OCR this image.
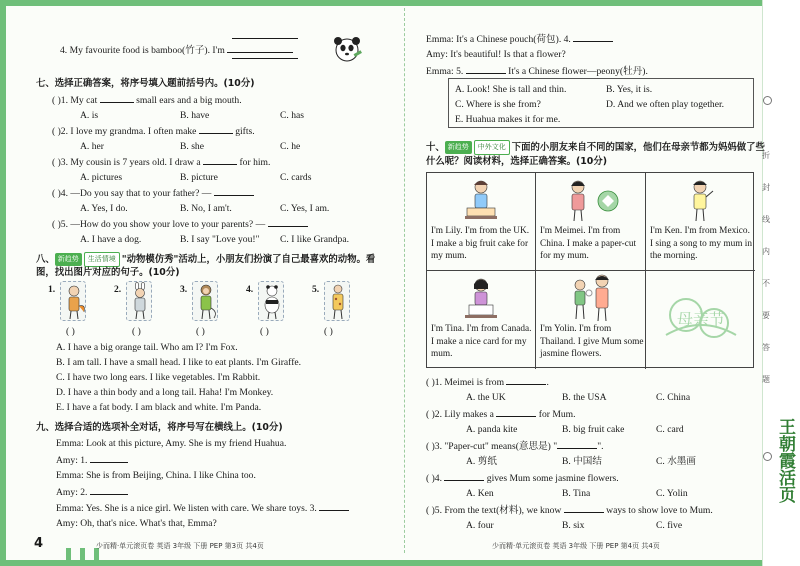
4. My favourite food is bamboo(竹子). I'm
七、选择正确答案，将序号填入题前括号内。(10分)
( )1. My cat	small ears and a big mouth.
A. is	B. have	C. has
( )2. I love my grandma. I often make	gifts.
A. her	B. she	C. he
( )3. My cousin is 7 years old. I draw a	for him.
A. pictures	B. picture	C. cards
( )4. —Do you say that to your father? —
A. Yes, I do.	B. No, I am't.	C. Yes, I am.
( )5. —How do you show your love to your parents? —
A. I have a dog.	B. I say "Love you!" C. I like Grandpa.
八、 新趋势 生活情境 "动物模仿秀"活动上，小朋友们扮演了自己最喜欢的动物。看
图，找出图片对应的句子。(10分)
1.	2.	3.	4.	5.
( )	( )	( )	( )	( )
A. I have a big orange tail. Who am I? I'm Fox.
B. I am tall. I have a small head. I like to eat plants. I'm Giraffe.
C. I have two long ears. I like vegetables. I'm Rabbit.
D. I have a thin body and a long tail. Haha! I'm Monkey.
E. I have a fat body. I am black and white. I'm Panda.
九、选择合适的选项补全对话，将序号写在横线上。(10分)
Emma: Look at this picture, Amy. She is my friend Huahua.
Amy: 1.
Emma: She is from Beijing, China. I like China too.
Amy: 2.
Emma: Yes. She is a nice girl. We listen with care. We share toys. 3.
Amy: Oh, that's nice. What's that, Emma?
4	少而精·单元滚页卷 英语 3年级 下册 PEP 第3页 共4页
Emma: It's a Chinese pouch(荷包). 4.
Amy: It's beautiful! Is that a flower?
Emma: 5.	It's a Chinese flower—peony(牡丹).
A. Look! She is tall and thin.	B. Yes, it is.
C. Where is she from?	D. And we often play together.
E. Huahua makes it for me.
十、 新趋势 中外文化 下面的小朋友来自不同的国家，他们在母亲节都为妈妈做了些
什么呢？阅读材料，选择正确答案。(10分)
I'm Lily. I'm from the UK. I make a big fruit cake for my mum.
I'm Meimei. I'm from China. I make a paper-cut for my mum.
I'm Ken. I'm from Mexico. I sing a song to my mum in the morning.
I'm Tina. I'm from Canada. I make a nice card for my mum.
I'm Yolin. I'm from Thailand. I give Mum some jasmine flowers.
母亲节
( )1. Meimei is from	.
A. the UK	B. the USA	C. China
( )2. Lily makes a	for Mum.
A. panda kite	B. big fruit cake	C. card
( )3. "Paper-cut" means(意思是) "	".
A. 剪纸	B. 中国结	C. 水墨画
( )4.	gives Mum some jasmine flowers.
A. Ken	B. Tina	C. Yolin
( )5. From the text(材料), we know	ways to show love to Mum.
A. four	B. six	C. five
少而精·单元滚页卷 英语 3年级 下册 PEP 第4页 共4页
折
封
线
内
不
要
答
题
王朝霞活页
